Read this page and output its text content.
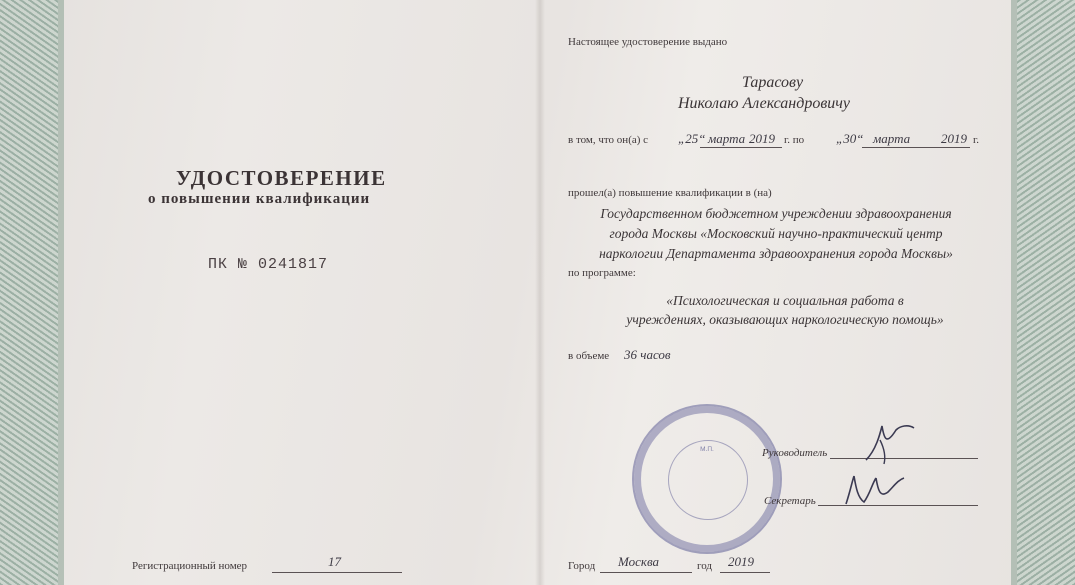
УДОСТОВЕРЕНИЕ
о повышении квалификации
ПК № 0241817
Регистрационный номер	17
Настоящее удостоверение выдано
Тарасову
Николаю Александровичу
в том, что он(а) с „25“ марта 2019 г. по „30“ марта 2019 г.
прошел(а) повышение квалификации в (на)
Государственном бюджетном учреждении здравоохранения
города Москвы «Московский научно-практический центр
наркологии Департамента здравоохранения города Москвы»
по программе:
«Психологическая и социальная работа в
учреждениях, оказывающих наркологическую помощь»
в объеме 36 часов
М.П.	Руководитель
Секретарь
Город Москва	год 2019
